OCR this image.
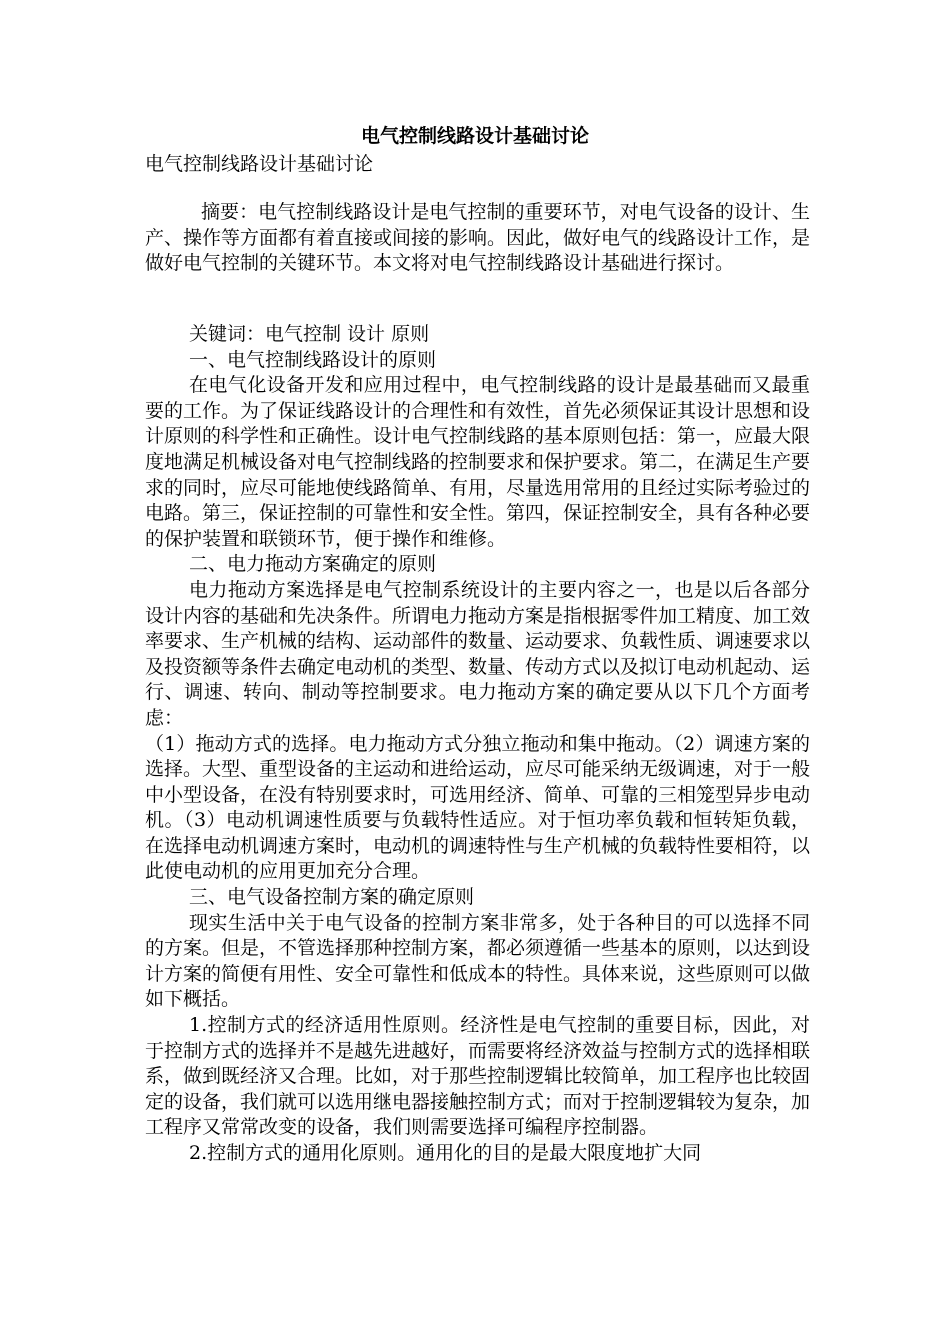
电气控制线路设计基础讨论

电气控制线路设计基础讨论

摘要：电气控制线路设计是电气控制的重要环节，对电气设备的设计、生产、操作等方面都有着直接或间接的影响。因此，做好电气的线路设计工作，是做好电气控制的关键环节。本文将对电气控制线路设计基础进行探讨。

关键词：电气控制 设计 原则

一、电气控制线路设计的原则

在电气化设备开发和应用过程中，电气控制线路的设计是最基础而又最重要的工作。为了保证线路设计的合理性和有效性，首先必须保证其设计思想和设计原则的科学性和正确性。设计电气控制线路的基本原则包括：第一，应最大限度地满足机械设备对电气控制线路的控制要求和保护要求。第二，在满足生产要求的同时，应尽可能地使线路简单、有用，尽量选用常用的且经过实际考验过的电路。第三，保证控制的可靠性和安全性。第四，保证控制安全，具有各种必要的保护装置和联锁环节，便于操作和维修。

二、电力拖动方案确定的原则

电力拖动方案选择是电气控制系统设计的主要内容之一，也是以后各部分设计内容的基础和先决条件。所谓电力拖动方案是指根据零件加工精度、加工效率要求、生产机械的结构、运动部件的数量、运动要求、负载性质、调速要求以及投资额等条件去确定电动机的类型、数量、传动方式以及拟订电动机起动、运行、调速、转向、制动等控制要求。电力拖动方案的确定要从以下几个方面考虑：

（1）拖动方式的选择。电力拖动方式分独立拖动和集中拖动。（2）调速方案的选择。大型、重型设备的主运动和进给运动，应尽可能采纳无级调速，对于一般中小型设备，在没有特别要求时，可选用经济、简单、可靠的三相笼型异步电动机。（3）电动机调速性质要与负载特性适应。对于恒功率负载和恒转矩负载，在选择电动机调速方案时，电动机的调速特性与生产机械的负载特性要相符，以此使电动机的应用更加充分合理。

三、电气设备控制方案的确定原则

现实生活中关于电气设备的控制方案非常多，处于各种目的可以选择不同的方案。但是，不管选择那种控制方案，都必须遵循一些基本的原则，以达到设计方案的简便有用性、安全可靠性和低成本的特性。具体来说，这些原则可以做如下概括。

1.控制方式的经济适用性原则。经济性是电气控制的重要目标，因此，对于控制方式的选择并不是越先进越好，而需要将经济效益与控制方式的选择相联系，做到既经济又合理。比如，对于那些控制逻辑比较简单，加工程序也比较固定的设备，我们就可以选用继电器接触控制方式；而对于控制逻辑较为复杂，加工程序又常常改变的设备，我们则需要选择可编程序控制器。

2.控制方式的通用化原则。通用化的目的是最大限度地扩大同
